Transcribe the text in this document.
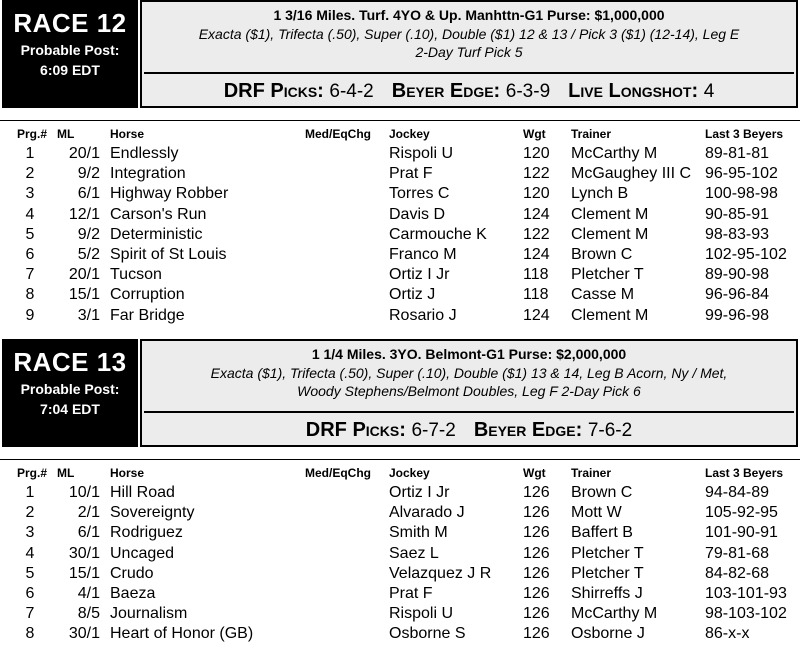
RACE 12
Probable Post:
6:09 EDT
1 3/16 Miles. Turf. 4YO & Up. Manhttn-G1 Purse: $1,000,000
Exacta ($1), Trifecta (.50), Super (.10), Double ($1) 12 & 13 / Pick 3 ($1) (12-14), Leg E
2-Day Turf Pick 5
DRF Picks: 6-4-2 Beyer Edge: 6-3-9 Live Longshot: 4
Prg.# ML	Horse	Med/EqChg Jockey	Wgt Trainer	Last 3 Beyers
1	20/1 Endlessly	Rispoli U	120 McCarthy M	89-81-81
2	9/2 Integration	Prat F	122 McGaughey III C 96-95-102
3	6/1 Highway Robber	Torres C	120 Lynch B	100-98-98
4	12/1 Carson's Run	Davis D	124 Clement M	90-85-91
5	9/2 Deterministic	Carmouche K 122 Clement M	98-83-93
6	5/2 Spirit of St Louis	Franco M	124 Brown C	102-95-102
7	20/1 Tucson	Ortiz I Jr	118 Pletcher T	89-90-98
8	15/1 Corruption	Ortiz J	118 Casse M	96-96-84
9	3/1 Far Bridge	Rosario J	124 Clement M	99-96-98
RACE 13
Probable Post:
7:04 EDT
1 1/4 Miles. 3YO. Belmont-G1 Purse: $2,000,000
Exacta ($1), Trifecta (.50), Super (.10), Double ($1) 13 & 14, Leg B Acorn, Ny / Met,
Woody Stephens/Belmont Doubles, Leg F 2-Day Pick 6
DRF Picks: 6-7-2 Beyer Edge: 7-6-2
Prg.# ML	Horse	Med/EqChg Jockey	Wgt Trainer	Last 3 Beyers
1	10/1 Hill Road	Ortiz I Jr	126 Brown C	94-84-89
2	2/1 Sovereignty	Alvarado J	126 Mott W	105-92-95
3	6/1 Rodriguez	Smith M	126 Baffert B	101-90-91
4	30/1 Uncaged	Saez L	126 Pletcher T	79-81-68
5	15/1 Crudo	Velazquez J R 126 Pletcher T	84-82-68
6	4/1 Baeza	Prat F	126 Shirreffs J	103-101-93
7	8/5 Journalism	Rispoli U	126 McCarthy M	98-103-102
8	30/1 Heart of Honor (GB)	Osborne S	126 Osborne J	86-x-x
